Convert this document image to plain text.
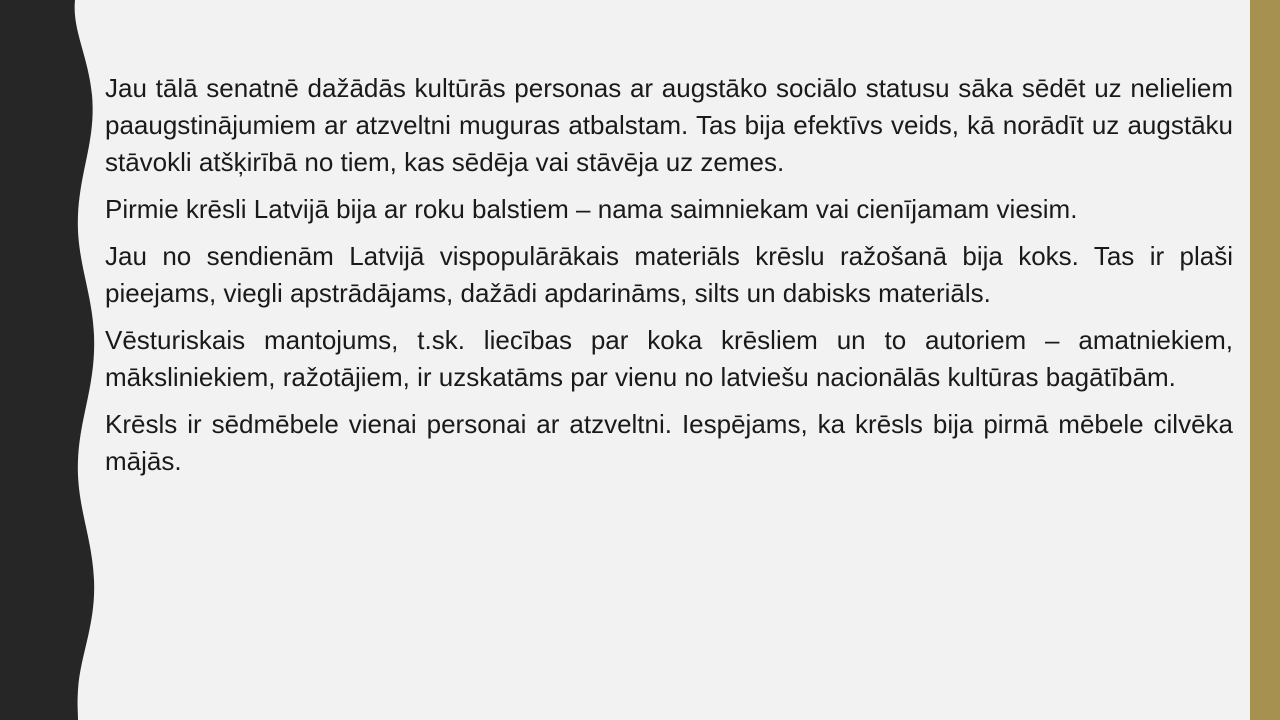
Jau tālā senatnē dažādās kultūrās personas ar augstāko sociālo statusu sāka sēdēt uz nelieliem paaugstinājumiem ar atzveltni muguras atbalstam. Tas bija efektīvs veids, kā norādīt uz augstāku stāvokli atšķirībā no tiem, kas sēdēja vai stāvēja uz zemes.

Pirmie krēsli Latvijā bija ar roku balstiem – nama saimniekam vai cienījamam viesim.

Jau no sendienām Latvijā vispopulārākais materiāls krēslu ražošanā bija koks. Tas ir plaši pieejams, viegli apstrādājams, dažādi apdarināms, silts un dabisks materiāls.

Vēsturiskais mantojums, t.sk. liecības par koka krēsliem un to autoriem – amatniekiem, māksliniekiem, ražotājiem, ir uzskatāms par vienu no latviešu nacionālās kultūras bagātībām.

Krēsls ir sēdmēbele vienai personai ar atzveltni. Iespējams, ka krēsls bija pirmā mēbele cilvēka mājās.
